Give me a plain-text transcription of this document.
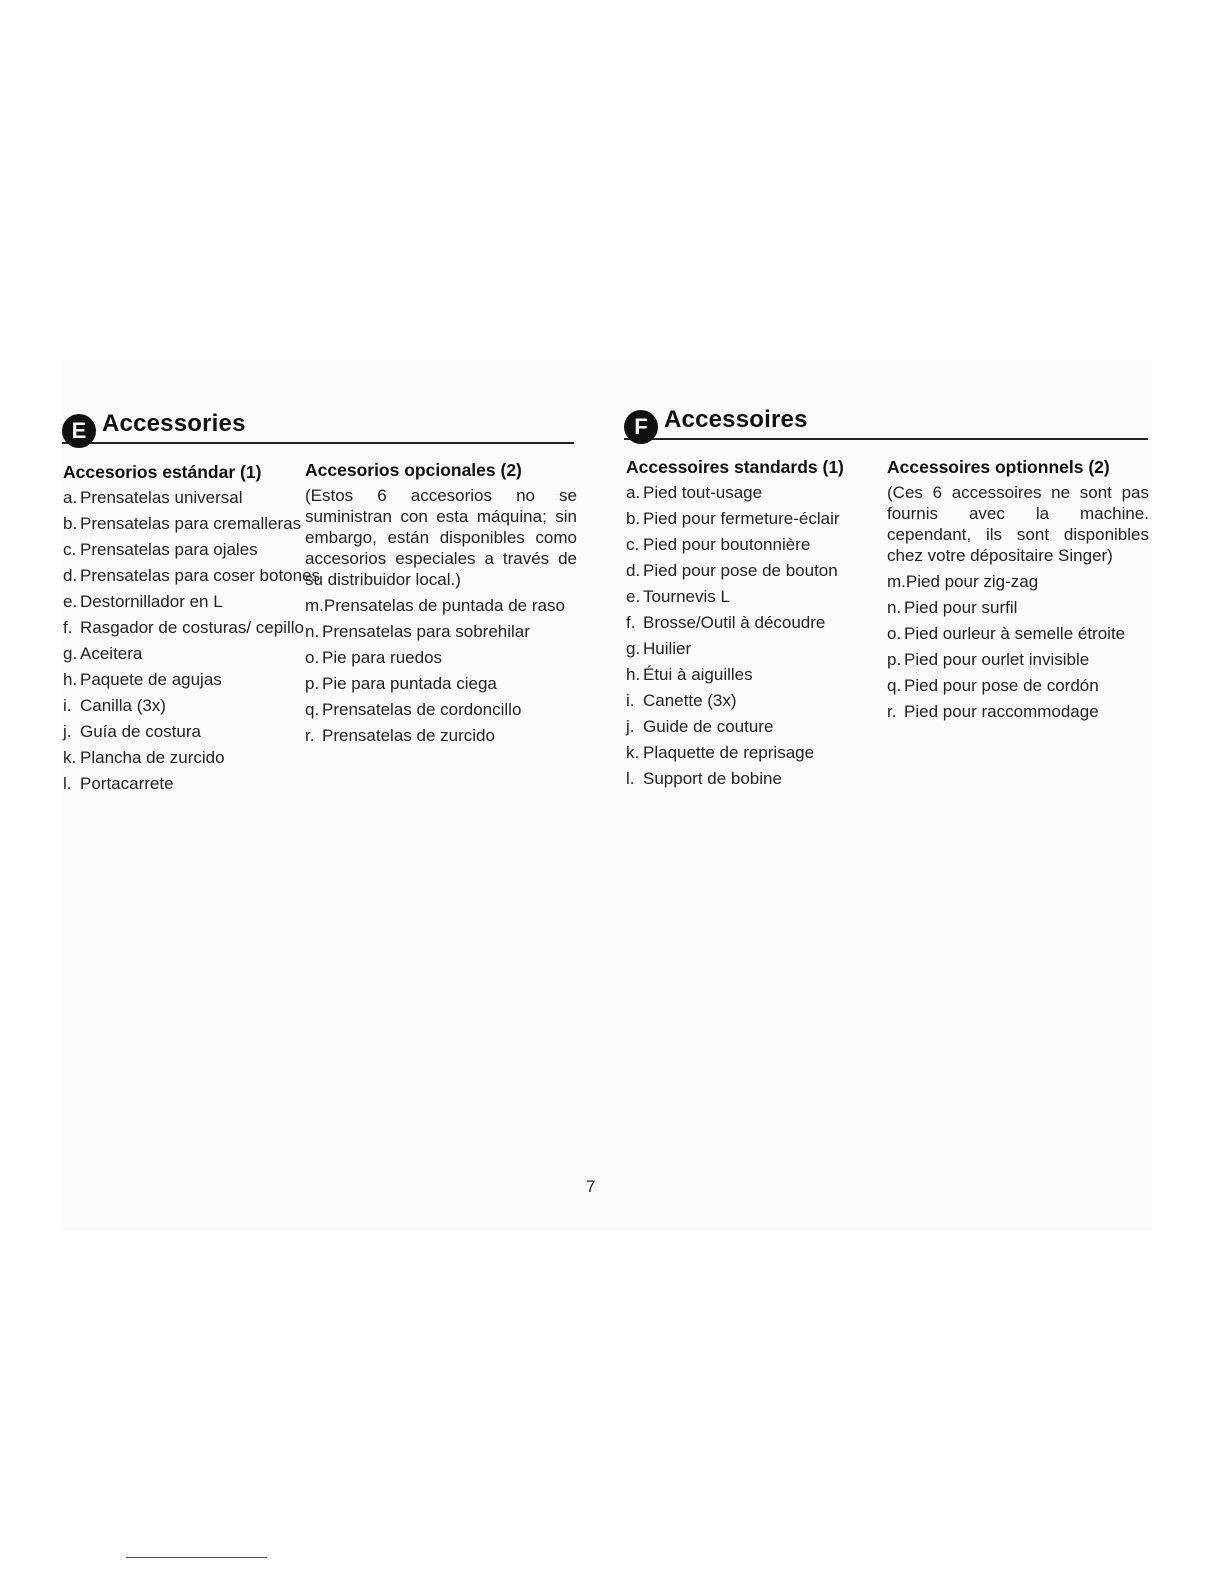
E Accessories	F Accessoires
Accesorios estándar (1)
a. Prensatelas universal
b. Prensatelas para cremalleras
c. Prensatelas para ojales
d. Prensatelas para coser botones
e. Destornillador en L
f. Rasgador de costuras/ cepillo
g. Aceitera
h. Paquete de agujas
i. Canilla (3x)
j. Guía de costura
k. Plancha de zurcido
l. Portacarrete
Accesorios opcionales (2)

(Estos 6 accesorios no se suministran con esta máquina; sin embargo, están disponibles como accesorios especiales a través de su distribuidor local.)

m. Prensatelas de puntada de raso
n. Prensatelas para sobrehilar
o. Pie para ruedos
p. Pie para puntada ciega
q. Prensatelas de cordoncillo
r. Prensatelas de zurcido
Accessoires standards (1)
a. Pied tout-usage
b. Pied pour fermeture-éclair
c. Pied pour boutonnière
d. Pied pour pose de bouton
e. Tournevis L
f. Brosse/Outil à découdre
g. Huilier
h. Étui à aiguilles
i. Canette (3x)
j. Guide de couture
k. Plaquette de reprisage
l. Support de bobine
Accessoires optionnels (2)

(Ces 6 accessoires ne sont pas fournis avec la machine. cependant, ils sont disponibles chez votre dépositaire Singer)

m. Pied pour zig-zag
n. Pied pour surfil
o. Pied ourleur à semelle étroite
p. Pied pour ourlet invisible
q. Pied pour pose de cordón
r. Pied pour raccommodage
7
